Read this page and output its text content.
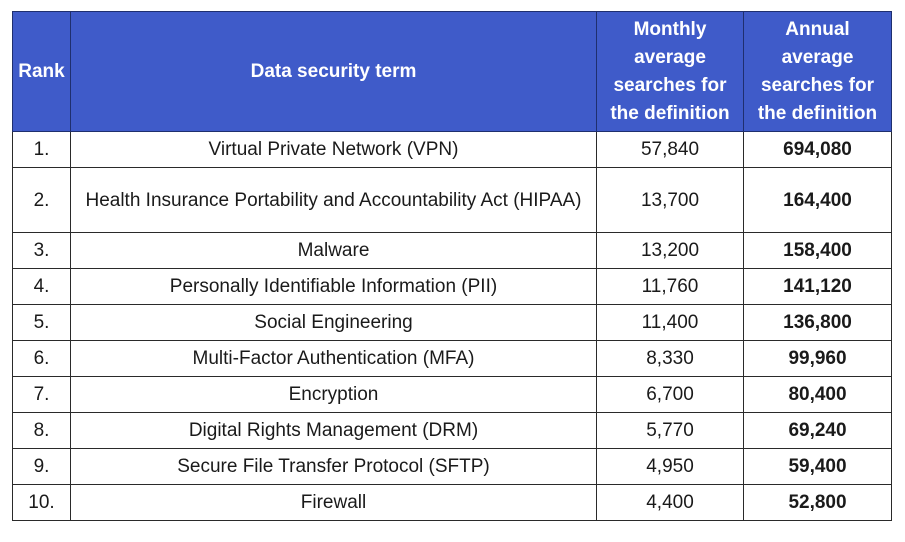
Rank	Data security term	Monthly average searches for the definition	Annual average searches for the definition
1.	Virtual Private Network (VPN)	57,840	694,080
2.	Health Insurance Portability and Accountability Act (HIPAA)	13,700	164,400
3.	Malware	13,200	158,400
4.	Personally Identifiable Information (PII)	11,760	141,120
5.	Social Engineering	11,400	136,800
6.	Multi-Factor Authentication (MFA)	8,330	99,960
7.	Encryption	6,700	80,400
8.	Digital Rights Management (DRM)	5,770	69,240
9.	Secure File Transfer Protocol (SFTP)	4,950	59,400
10.	Firewall	4,400	52,800
